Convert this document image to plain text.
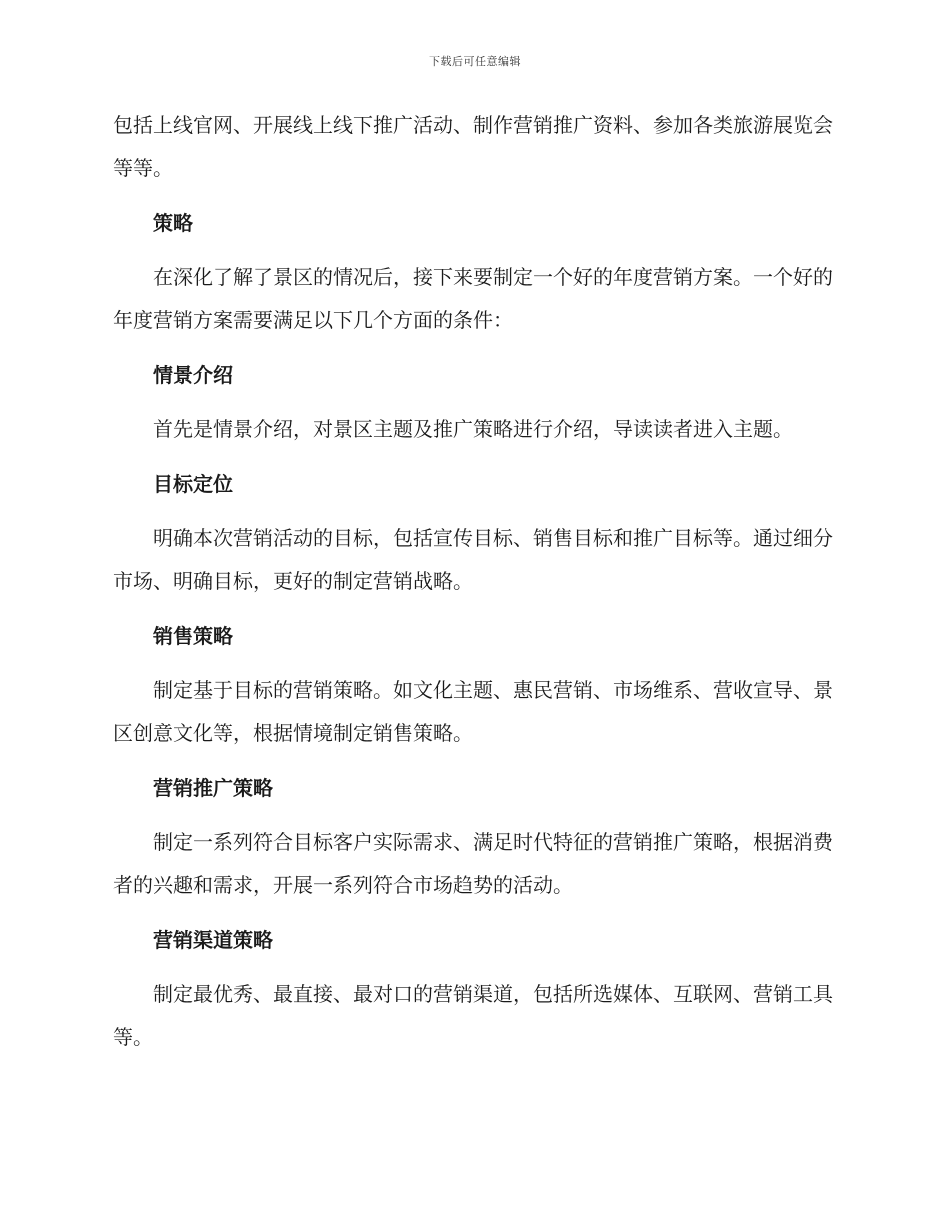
下载后可任意编辑

包括上线官网、开展线上线下推广活动、制作营销推广资料、参加各类旅游展览会等等。

策略

在深化了解了景区的情况后，接下来要制定一个好的年度营销方案。一个好的年度营销方案需要满足以下几个方面的条件：

情景介绍

首先是情景介绍，对景区主题及推广策略进行介绍，导读读者进入主题。

目标定位

明确本次营销活动的目标，包括宣传目标、销售目标和推广目标等。通过细分市场、明确目标，更好的制定营销战略。

销售策略

制定基于目标的营销策略。如文化主题、惠民营销、市场维系、营收宣导、景区创意文化等，根据情境制定销售策略。

营销推广策略

制定一系列符合目标客户实际需求、满足时代特征的营销推广策略，根据消费者的兴趣和需求，开展一系列符合市场趋势的活动。

营销渠道策略

制定最优秀、最直接、最对口的营销渠道，包括所选媒体、互联网、营销工具等。
